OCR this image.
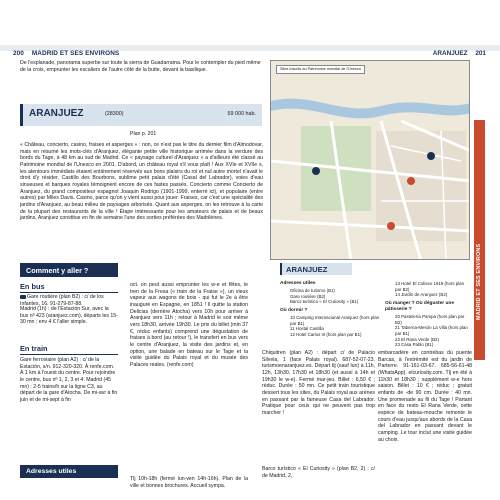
200 MADRID ET SES ENVIRONS	ARANJUEZ 201
De l'esplanade, panorama superbe sur toute la sierra de Guadarrama. Pour le contempler du pied même de la croix, emprunter les escaliers de l'autre côté de la butte, devant la basilique.
ARANJUEZ	(28300)	59 000 hab.
Plan p. 201
« Château, concierto, casino, fraises et asperges » : non, ce n'est pas le titre du dernier film d'Almodovar, mais en résumé les mots-clés d'Aranjuez, élégante petite ville historique arrimée dans la verdure des bords du Tage, à 48 km au sud de Madrid. Ce « paysage culturel d'Aranjuez » a d'ailleurs été classé au Patrimoine mondial de l'Unesco en 2001. D'abord, un château royal s'il vous plaît ! Aux XVIe et XVIIe s, les alentours immédiats étaient entièrement réservés aux bons plaisirs du roi et nul autre mortel n'avait le droit d'y résider. Castillo des Bourbons, sublime petit palais d'été (Casal del Labrador), voies d'eau sinueuses et barques royales témoignent encore de ces fastes passés. Concierto comme Concierto de Aranjuez, du grand compositeur espagnol Joaquin Rodrigo (1901-1999, enterré ici), et populaire (entre autres) par Miles Davis. Casino, parce qu'on y vient aussi pour jouer. Fraises, car c'est une spécialité des jardins d'Aranjuez, au beau milieu de paysages arborisés. Quant aux asperges, on les retrouve à la carte de la plupart des restaurants de la ville ! Étape intéressante pour les amateurs de palais et de beaux jardins, Aranjuez constitue en fin de semaine l'une des sorties préférées des Madrilènes.
Comment y aller ?
En bus
Gare routière (plan B2) : c/ de los Infantes, 16. 91-279-87-88.
Madrid (1h) : de l'Estación Sur, avec la bus nº 423 (aranjuez.com), départs les 15-30 mn ; env 4 € l'aller simple.
En train
Gare ferroviaire (plan A2) : c/ de la Estación, s/n. 912-320-320. À renfe.com. À 1 km à l'ouest du centre. Pour rejoindre le centre, bus nº 1, 2, 3 et 4. Madrid (45 mn) : 2-5 trains/h sur la ligne C3, au départ de la gare d'Atocha. De mi-avr à fin juin et de mi-sept à fin
Adresses utiles
oct. on peut aussi emprunter les w-e et fêtes, le tren de la Fresa (« train de la Fraise »), un vieux vapeur aux wagons de bois - qui fut le 2e à être inauguré en Espagne, en 1851 ! Il quitte la station Delicias (derrière Atocha) vers 10h pour arriver à Aranjuez vers 11h ; retour à Madrid le soir même vers 18h30, arrivée 19h30. Le prix du billet (min 37 €, réduc enfants) comprend une dégustation de fraises à bord (au retour !), le transfert en bus vers le centre d'Aranjuez, la visite des jardins et, en option, une balade en bateau sur le Tage et la visite guidée du Palais royal et du musée des Palaces reales. (renfe.com)
Tlj 10h-18h (fermé lun-ven 14h-16h). Plan de la ville et bonnes brochures. Accueil sympa.
Sites inscrits au Patrimoine mondial de l'Unesco
ARANJUEZ
Adresses utiles
Oficina de turismo (B1)
Gare routière (B2)
Barco turístico « El Curiosity » (B1)
Où dormir ?
10 Camping Internacional Aranjuez (hors plan par B1)
11 Hostal Castilla
12 Hotel Carlos III (hors plan par B1)
13 Hotel El Coliseo 1919 (hors plan par B2)
14 Jardín de Aranjuez (B2)
Où manger ? Où déguster une pâtisserie ?
20 Pastelería Pampa (hors plan par B2)
21 Taberna-Mesón La Villa (hors plan par B1)
22 El Rana Verde (B2)
23 Casa Pablo (B1)
Chiquitren (plan A2) : départ c/ de Palacio Silvela, 1 (face Palais royal). 687-52-07-23. turismoenaranjuez.es. Départ tlj (sauf lun) à 11h, 12h, 13h30, 17h30 et 18h30 (et aussi à 14h et 19h30 le w-e). Fermé mar-jeu. Billet : 6,50 € ; réduc. Durée : 50 mn. Ce petit train touristique dessert tous les sites, du Palais royal aux arènes en passant par la fameuse Casa del Labrador. Pratique pour ceux qui ne peuvent pas trop marcher !
Barco turístico « El Curiosity » (plan B2, 2) : c/ de Madrid, 2,
embarcadère en contrebas du puente Barcas, à l'extrémité est du jardin de Parterre. 91-161-03-67. 685-56-61-48 (WhatsApp). elcuriosity.com. Tlj en été à 11h30 et 18h30 ; supplément w-e hors saison. Billet : 10 € ; réduc ; gratuit enfants de -de 90 cm. Durée : 40 mn. Une promenade au fil du Tage ! Partant en face du resto El Rana Verde, cette espèce de bateau-mouche remonte le cours d'eau jusqu'aux abords de la Casa del Labrador en passant devant le camping. Le tour inclut une visite guidée au choix.
MADRID ET SES ENVIRONS
